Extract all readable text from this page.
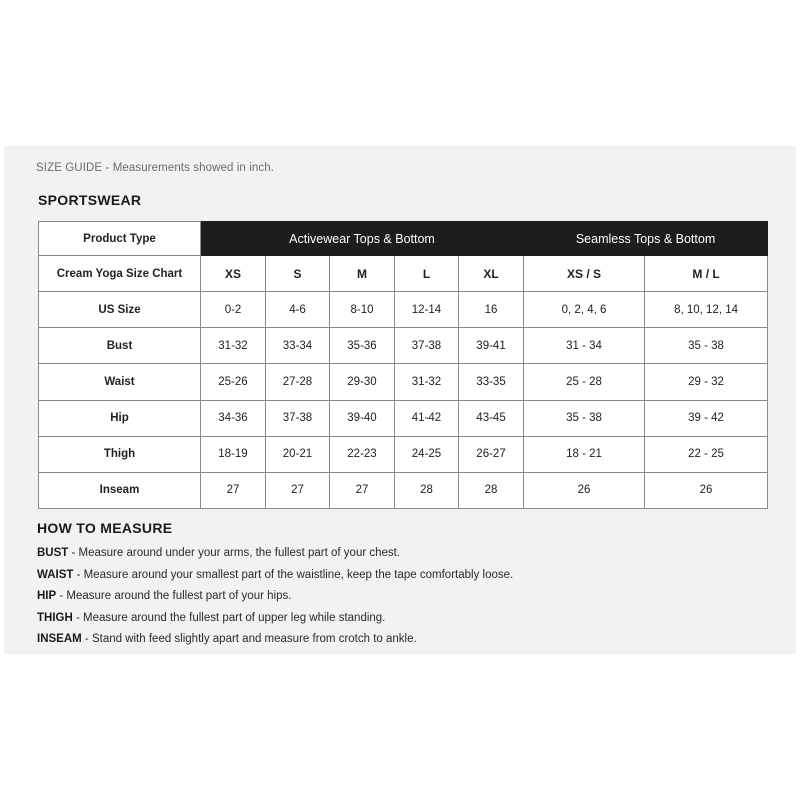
SIZE GUIDE - Measurements showed in inch.
SPORTSWEAR
Product Type	Activewear Tops & Bottom					Seamless Tops & Bottom	
Cream Yoga Size Chart	XS	S	M	L	XL	XS / S	M / L
US Size	0-2	4-6	8-10	12-14	16	0, 2, 4, 6	8, 10, 12, 14
Bust	31-32	33-34	35-36	37-38	39-41	31 - 34	35 - 38
Waist	25-26	27-28	29-30	31-32	33-35	25 - 28	29 - 32
Hip	34-36	37-38	39-40	41-42	43-45	35 - 38	39 - 42
Thigh	18-19	20-21	22-23	24-25	26-27	18 - 21	22 - 25
Inseam	27	27	27	28	28	26	26
HOW TO MEASURE
BUST - Measure around under your arms, the fullest part of your chest.
WAIST - Measure around your smallest part of the waistline, keep the tape comfortably loose.
HIP - Measure around the fullest part of your hips.
THIGH - Measure around the fullest part of upper leg while standing.
INSEAM - Stand with feed slightly apart and measure from crotch to ankle.
